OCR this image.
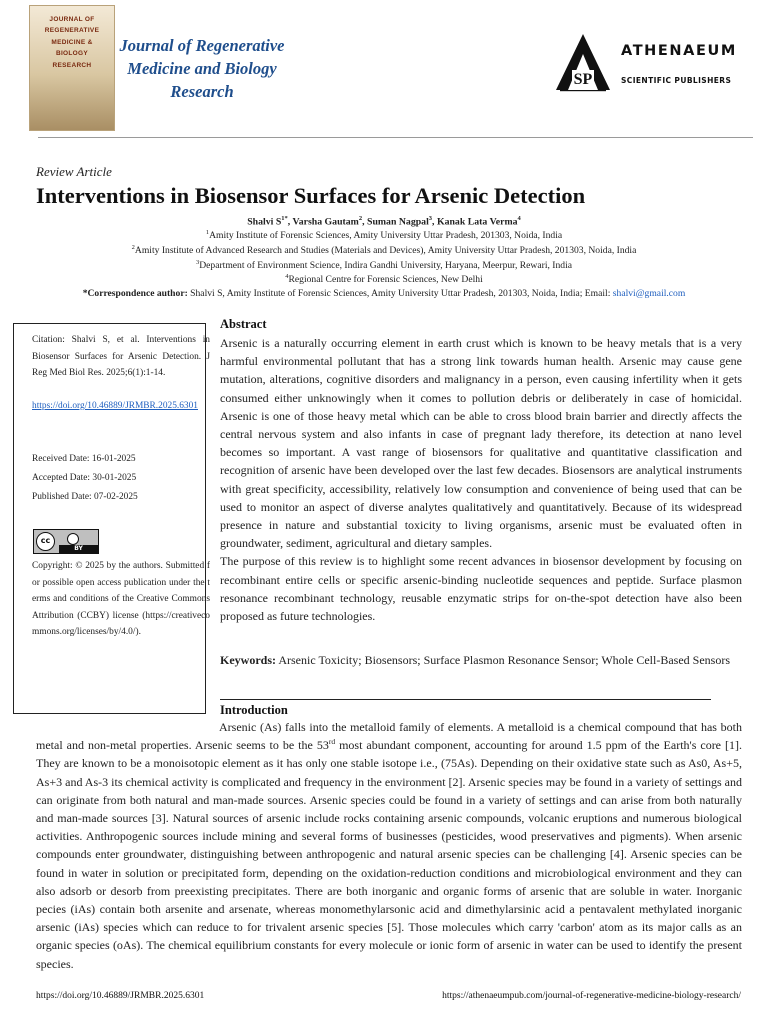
JOURNAL OF
REGENERATIVE
MEDICINE &
BIOLOGY
RESEARCH
Journal of Regenerative
Medicine and Biology
Research
SP
ATHENAEUM
SCIENTIFIC PUBLISHERS
Review Article
Interventions in Biosensor Surfaces for Arsenic Detection
Shalvi $S^{1*}$, Varsha Gautam$^2$, Suman Nagpal$^3$, Kanak Lata Verma$^4$
$^1$Amity Institute of Forensic Sciences, Amity University Uttar Pradesh, 201303, Noida, India
$^2$Amity Institute of Advanced Research and Studies (Materials and Devices), Amity University Uttar Pradesh, 201303, Noida, India
$^3$Department of Environment Science, Indira Gandhi University, Haryana, Meerpur, Rewari, India
$^4$Regional Centre for Forensic Sciences, New Delhi
*Correspondence author: Shalvi S, Amity Institute of Forensic Sciences, Amity University Uttar Pradesh, 201303, Noida, India; Email: shalvi@gmail.com
Citation: Shalvi S, et al. Interventions in Biosensor Surfaces for Arsenic Detection. J Reg Med Biol Res. 2025;6(1):1-14.
https://doi.org/10.46889/JRMBR.2025.6301
Received Date: 16-01-2025
Accepted Date: 30-01-2025
Published Date: 07-02-2025
cc
BY
Copyright: © 2025 by the authors. Submitted for possible open access publication under the terms and conditions of the Creative Commons Attribution (CCBY) license (https://creativecommons.org/licenses/by/4.0/).
Abstract
Arsenic is a naturally occurring element in earth crust which is known to be heavy metals that is a very harmful environmental pollutant that has a strong link towards human health. Arsenic may cause gene mutation, alterations, cognitive disorders and malignancy in a person, even causing infertility when it gets consumed either unknowingly when it comes to pollution debris or deliberately in case of homicidal. Arsenic is one of those heavy metal which can be able to cross blood brain barrier and directly affects the central nervous system and also infants in case of pregnant lady therefore, its detection at nano level becomes so important. A vast range of biosensors for qualitative and quantitative classification and recognition of arsenic have been developed over the last few decades. Biosensors are analytical instruments with great specificity, accessibility, relatively low consumption and convenience of being used that can be used to monitor an aspect of diverse analytes qualitatively and quantitatively. Because of its widespread presence in nature and substantial toxicity to living organisms, arsenic must be evaluated often in groundwater, sediment, agricultural and dietary samples.
The purpose of this review is to highlight some recent advances in biosensor development by focusing on recombinant entire cells or specific arsenic-binding nucleotide sequences and peptide. Surface plasmon resonance recombinant technology, reusable enzymatic strips for on-the-spot detection have also been proposed as future technologies.
Keywords: Arsenic Toxicity; Biosensors; Surface Plasmon Resonance Sensor; Whole Cell-Based Sensors
Introduction
Arsenic (As) falls into the metalloid family of elements. A metalloid is a chemical compound that has both metal and non-metal properties. Arsenic seems to be the 53rd most abundant component, accounting for around 1.5 ppm of the Earth's core [1]. They are known to be a monoisotopic element as it has only one stable isotope i.e., (75As). Depending on their oxidative state such as As0, As+5, As+3 and As-3 its chemical activity is complicated and frequency in the environment [2]. Arsenic species may be found in a variety of settings and can originate from both natural and man-made sources. Arsenic species could be found in a variety of settings and can arise from both naturally and man-made sources [3]. Natural sources of arsenic include rocks containing arsenic compounds, volcanic eruptions and numerous biological activities. Anthropogenic sources include mining and several forms of businesses (pesticides, wood preservatives and pigments). When arsenic compounds enter groundwater, distinguishing between anthropogenic and natural arsenic species can be challenging [4]. Arsenic species can be found in water in solution or precipitated form, depending on the oxidation-reduction conditions and microbiological environment and they can also adsorb or desorb from preexisting precipitates. There are both inorganic and organic forms of arsenic that are soluble in water. Inorganic pecies (iAs) contain both arsenite and arsenate, whereas monomethylarsonic acid and dimethylarsinic acid a pentavalent methylated inorganic arsenic (iAs) species which can reduce to for trivalent arsenic species [5]. Those molecules which carry 'carbon' atom as its major calls as an organic species (oAs). The chemical equilibrium constants for every molecule or ionic form of arsenic in water can be used to identify the present species.
https://doi.org/10.46889/JRMBR.2025.6301	https://athenaeumpub.com/journal-of-regenerative-medicine-biology-research/
